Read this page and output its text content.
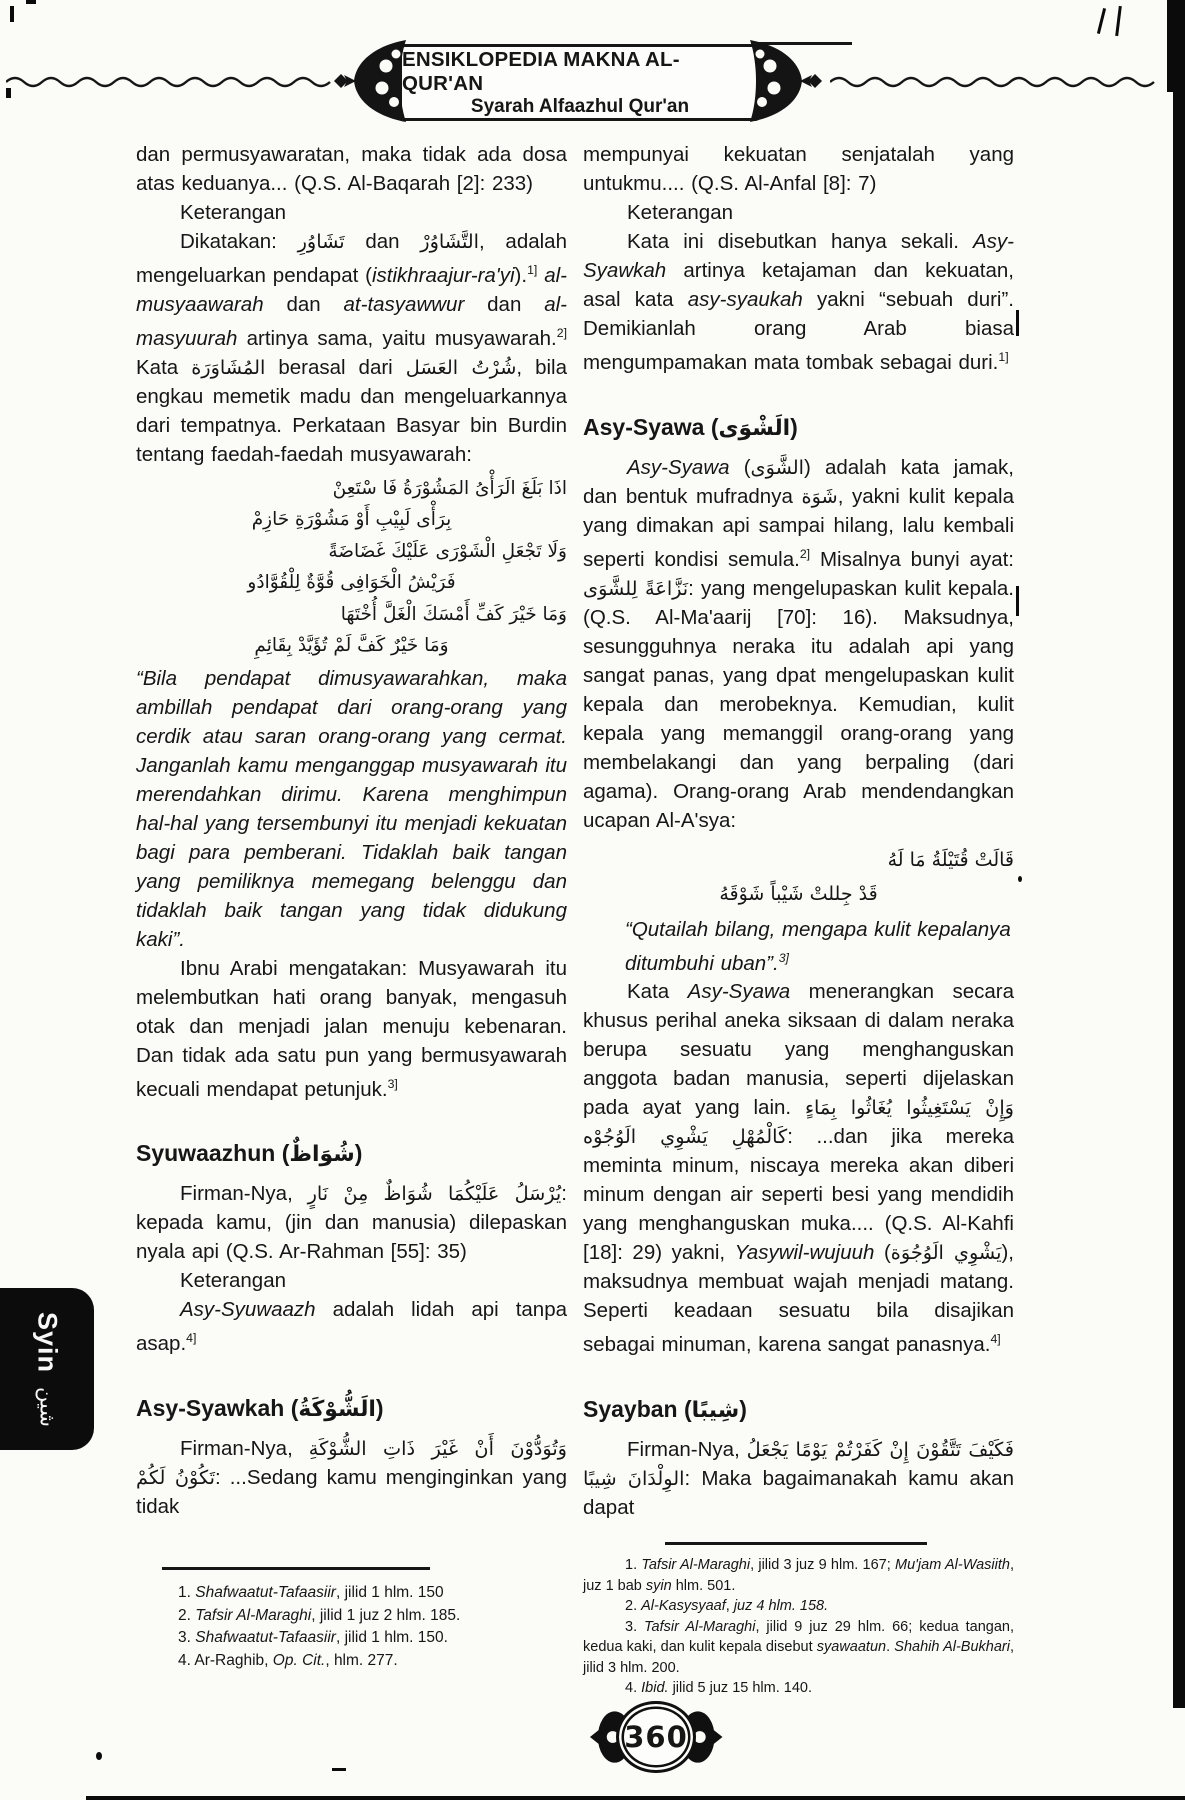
ENSIKLOPEDIA MAKNA AL-QUR'AN
Syarah Alfaazhul Qur'an

dan permusyawaratan, maka tidak ada dosa atas keduanya... (Q.S. Al-Baqarah [2]: 233)

Keterangan

Dikatakan: تَشَاوُرِ dan التَّشَاوُرْ, adalah mengeluarkan pendapat (istikhraajur-ra'yi).$^{1]}$ al-musyaawarah dan at-tasyawwur dan al-masyuurah artinya sama, yaitu musyawarah.$^{2]}$ Kata المُشَاوَرَة berasal dari شُرْتُ العَسَل, bila engkau memetik madu dan mengeluarkannya dari tempatnya. Perkataan Basyar bin Burdin tentang faedah-faedah musyawarah:

اذَا بَلَغَ الَرَأْىُ المَشُوْرَةُ فَا سْتَعِنْ
بِرَأْى لَبِيْبِ أَوْ مَشُوْرَةِ حَازِمْ
وَلَا تَجْعَلِ الْشَوْرَى عَلَيْكَ غَضَاضَةً
فَرَيْشُ الْخَوَافِى قُوَّةٌ لِلْقُوَّادُو
وَمَا خَيْرَ كَفِّ أَمْسَكَ الْغَلَّ أُخْتَهَا
وَمَا خَيْرٌ كَفَّ لَمْ تُؤَيَّدْ بِقَائِمِ

“Bila pendapat dimusyawarahkan, maka ambillah pendapat dari orang-orang yang cerdik atau saran orang-orang yang cermat. Janganlah kamu menganggap musyawarah itu merendahkan dirimu. Karena menghimpun hal-hal yang tersembunyi itu menjadi kekuatan bagi para pemberani. Tidaklah baik tangan yang pemiliknya memegang belenggu dan tidaklah baik tangan yang tidak didukung kaki”.

Ibnu Arabi mengatakan: Musyawarah itu melembutkan hati orang banyak, mengasuh otak dan menjadi jalan menuju kebenaran. Dan tidak ada satu pun yang bermusyawarah kecuali mendapat petunjuk.$^{3]}$

Syuwaazhun (شُوَاظٌ)

Firman-Nya, يُرْسَلُ عَلَيْكُمَا شُوَاظٌ مِنْ نَارٍ: kepada kamu, (jin dan manusia) dilepaskan nyala api (Q.S. Ar-Rahman [55]: 35)

Keterangan

Asy-Syuwaazh adalah lidah api tanpa asap.$^{4]}$

Asy-Syawkah (الَشُّوْكَةُ)

Firman-Nya, وَتُوَدُّوْنَ أَنْ غَيْرَ ذَاتِ الشُّوْكَةِ تَكُوْنُ لَكُمْ: ...Sedang kamu menginginkan yang tidak

1. Shafwaatut-Tafaasiir, jilid 1 hlm. 150

2. Tafsir Al-Maraghi, jilid 1 juz 2 hlm. 185.

3. Shafwaatut-Tafaasiir, jilid 1 hlm. 150.

4. Ar-Raghib, Op. Cit., hlm. 277.

mempunyai kekuatan senjatalah yang untukmu.... (Q.S. Al-Anfal [8]: 7)

Keterangan

Kata ini disebutkan hanya sekali. Asy-Syawkah artinya ketajaman dan kekuatan, asal kata asy-syaukah yakni “sebuah duri”. Demikianlah orang Arab biasa mengumpamakan mata tombak sebagai duri.$^{1]}$

Asy-Syawa (الَشْوَى)

Asy-Syawa (الشَّوَى) adalah kata jamak, dan bentuk mufradnya شَوَة, yakni kulit kepala yang dimakan api sampai hilang, lalu kembali seperti kondisi semula.$^{2]}$ Misalnya bunyi ayat: نَزَّاعَةً لِلشَّوَى: yang mengelupaskan kulit kepala. (Q.S. Al-Ma'aarij [70]: 16). Maksudnya, sesungguhnya neraka itu adalah api yang sangat panas, yang dpat mengelupaskan kulit kepala dan merobeknya. Kemudian, kulit kepala yang memanggil orang-orang yang membelakangi dan yang berpaling (dari agama). Orang-orang Arab mendendangkan ucapan Al-A'sya:

قَالَتْ قُتَيْلَةُ مَا لَهُ
قَدْ جِللتْ شَيْباً شَوْقَهُ

“Qutailah bilang, mengapa kulit kepalanya ditumbuhi uban”.$^{3]}$

Kata Asy-Syawa menerangkan secara khusus perihal aneka siksaan di dalam neraka berupa sesuatu yang menghanguskan anggota badan manusia, seperti dijelaskan pada ayat yang lain. وَإِنْ يَسْتَغِيثُوا يُغَاثُوا بِمَاءٍ كَالْمُهْلِ يَشْوِي الَوُجُوْه: ...dan jika mereka meminta minum, niscaya mereka akan diberi minum dengan air seperti besi yang mendidih yang menghanguskan muka.... (Q.S. Al-Kahfi [18]: 29) yakni, Yasywil-wujuuh (يَشْوِي الَوُجُوَة), maksudnya membuat wajah menjadi matang. Seperti keadaan sesuatu bila disajikan sebagai minuman, karena sangat panasnya.$^{4]}$

Syayban (شِيبًا)

Firman-Nya, فَكَيْفَ تَتَّقُوْنَ إِنْ كَفَرْتُمْ يَوْمًا يَجْعَلُ الوِلْدَانَ شِيبًا	: Maka bagaimanakah kamu akan dapat

1. Tafsir Al-Maraghi, jilid 3 juz 9 hlm. 167; Mu'jam Al-Wasiith, juz 1 bab syin hlm. 501.

2. Al-Kasysyaaf, juz 4 hlm. 158.

3. Tafsir Al-Maraghi, jilid 9 juz 29 hlm. 66; kedua tangan, kedua kaki, dan kulit kepala disebut syawaatun. Shahih Al-Bukhari, jilid 3 hlm. 200.

4. Ibid. jilid 5 juz 15 hlm. 140.

Syinشين
360
